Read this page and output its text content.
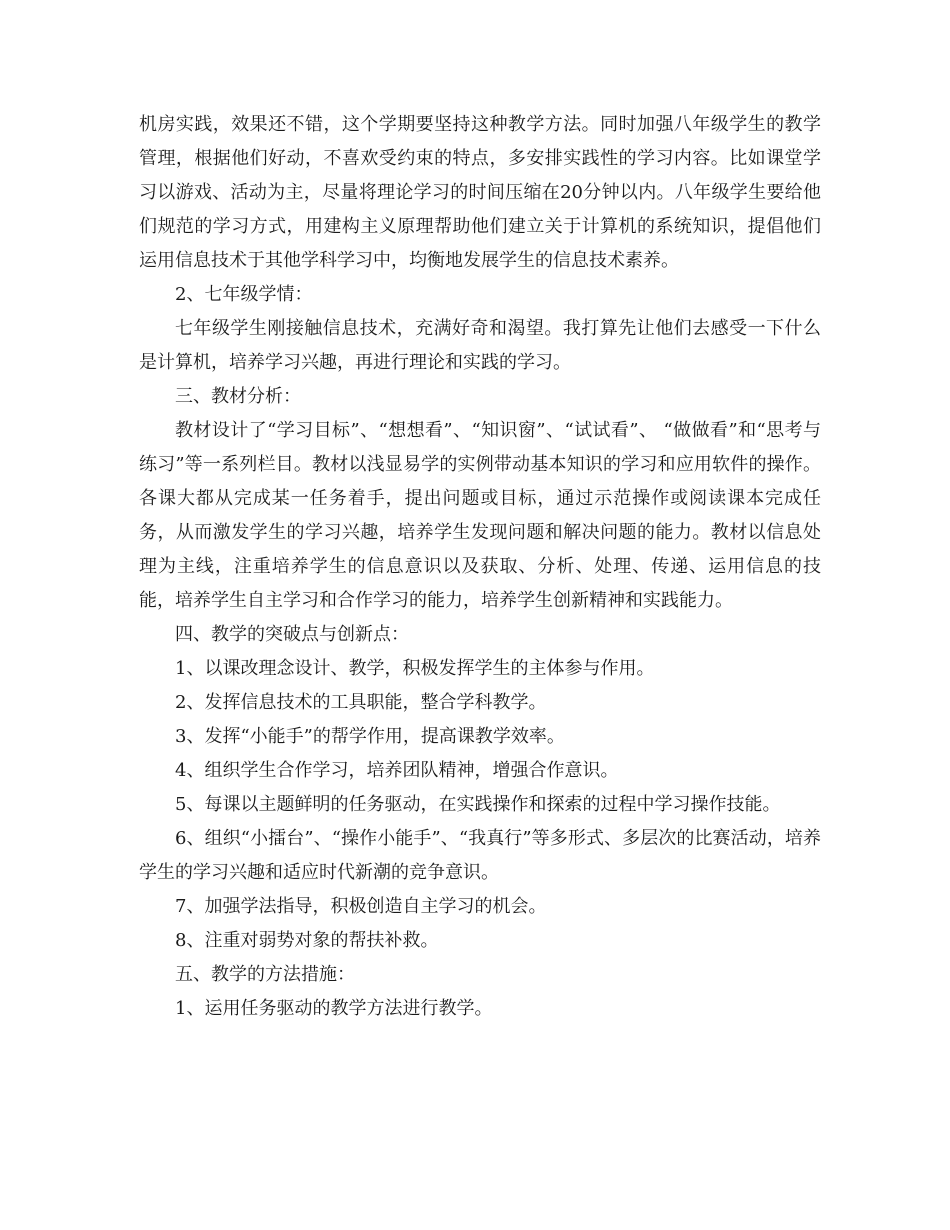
机房实践，效果还不错，这个学期要坚持这种教学方法。同时加强八年级学生的教学管理，根据他们好动，不喜欢受约束的特点，多安排实践性的学习内容。比如课堂学习以游戏、活动为主，尽量将理论学习的时间压缩在20分钟以内。八年级学生要给他们规范的学习方式，用建构主义原理帮助他们建立关于计算机的系统知识，提倡他们运用信息技术于其他学科学习中，均衡地发展学生的信息技术素养。

2、七年级学情：

七年级学生刚接触信息技术，充满好奇和渴望。我打算先让他们去感受一下什么是计算机，培养学习兴趣，再进行理论和实践的学习。

三、教材分析：

教材设计了“学习目标”、“想想看”、“知识窗”、“试试看”、 “做做看”和“思考与练习”等一系列栏目。教材以浅显易学的实例带动基本知识的学习和应用软件的操作。各课大都从完成某一任务着手，提出问题或目标，通过示范操作或阅读课本完成任务，从而激发学生的学习兴趣，培养学生发现问题和解决问题的能力。教材以信息处理为主线，注重培养学生的信息意识以及获取、分析、处理、传递、运用信息的技能，培养学生自主学习和合作学习的能力，培养学生创新精神和实践能力。

四、教学的突破点与创新点：

1、以课改理念设计、教学，积极发挥学生的主体参与作用。

2、发挥信息技术的工具职能，整合学科教学。

3、发挥“小能手”的帮学作用，提高课教学效率。

4、组织学生合作学习，培养团队精神，增强合作意识。

5、每课以主题鲜明的任务驱动，在实践操作和探索的过程中学习操作技能。

6、组织“小擂台”、“操作小能手”、“我真行”等多形式、多层次的比赛活动，培养学生的学习兴趣和适应时代新潮的竞争意识。

7、加强学法指导，积极创造自主学习的机会。

8、注重对弱势对象的帮扶补救。

五、教学的方法措施：

1、运用任务驱动的教学方法进行教学。
